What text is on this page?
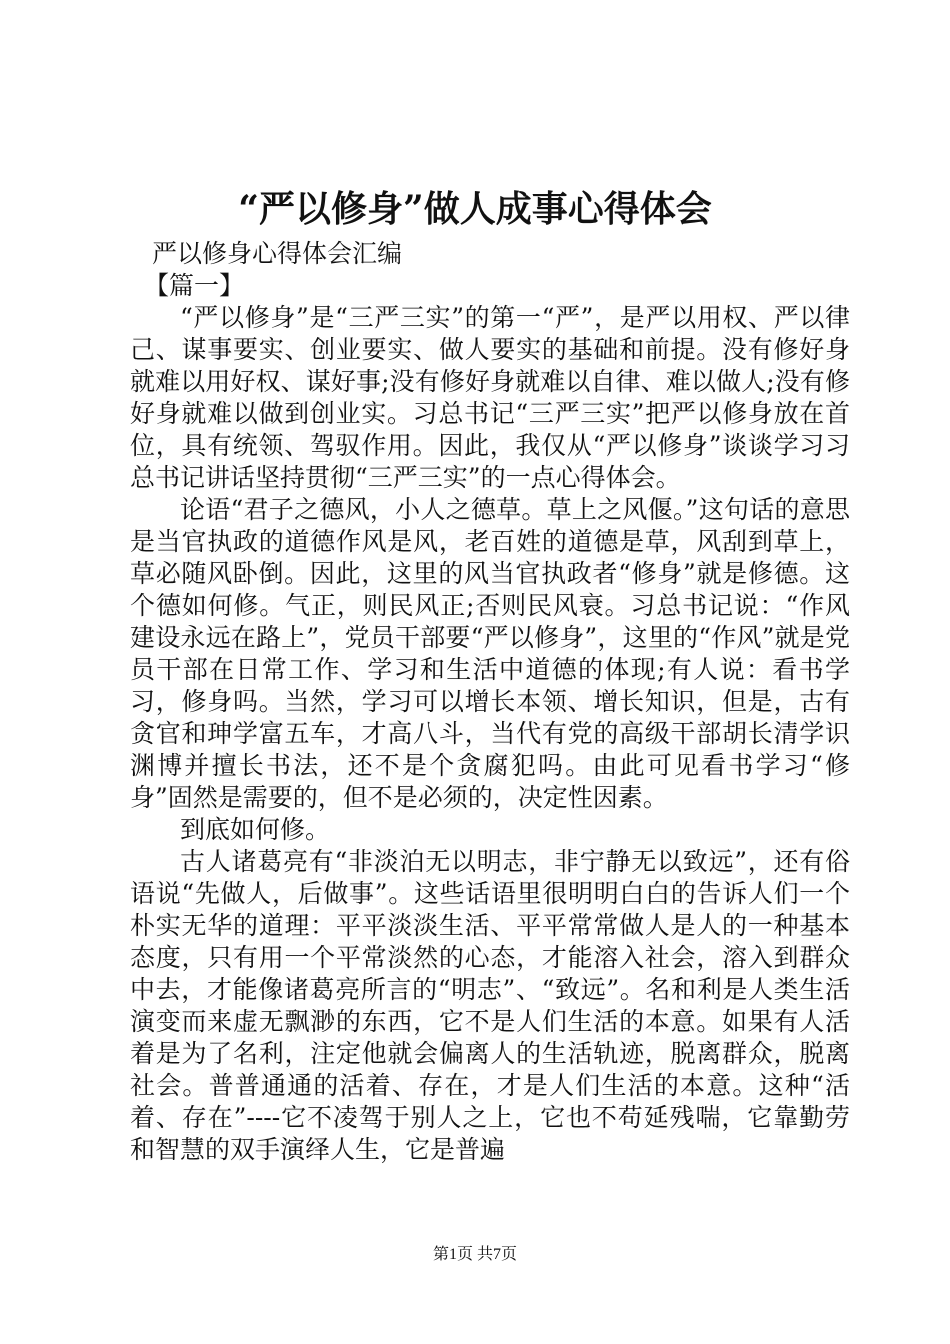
“严以修身”做人成事心得体会

严以修身心得体会汇编

【篇一】

“严以修身”是“三严三实”的第一“严”，是严以用权、严以律己、谋事要实、创业要实、做人要实的基础和前提。没有修好身就难以用好权、谋好事;没有修好身就难以自律、难以做人;没有修好身就难以做到创业实。习总书记“三严三实”把严以修身放在首位，具有统领、驾驭作用。因此，我仅从“严以修身”谈谈学习习总书记讲话坚持贯彻“三严三实”的一点心得体会。

论语“君子之德风，小人之德草。草上之风偃。”这句话的意思是当官执政的道德作风是风，老百姓的道德是草，风刮到草上，草必随风卧倒。因此，这里的风当官执政者“修身”就是修德。这个德如何修。气正，则民风正;否则民风衰。习总书记说：“作风建设永远在路上”，党员干部要“严以修身”，这里的“作风”就是党员干部在日常工作、学习和生活中道德的体现;有人说：看书学习，修身吗。当然，学习可以增长本领、增长知识，但是，古有贪官和珅学富五车，才高八斗，当代有党的高级干部胡长清学识渊博并擅长书法，还不是个贪腐犯吗。由此可见看书学习“修身”固然是需要的，但不是必须的，决定性因素。

到底如何修。

古人诸葛亮有“非淡泊无以明志，非宁静无以致远”，还有俗语说“先做人，后做事”。这些话语里很明明白白的告诉人们一个朴实无华的道理：平平淡淡生活、平平常常做人是人的一种基本态度，只有用一个平常淡然的心态，才能溶入社会，溶入到群众中去，才能像诸葛亮所言的“明志”、“致远”。名和利是人类生活演变而来虚无飘渺的东西，它不是人们生活的本意。如果有人活着是为了名利，注定他就会偏离人的生活轨迹，脱离群众，脱离社会。普普通通的活着、存在，才是人们生活的本意。这种“活着、存在”----它不凌驾于别人之上，它也不苟延残喘，它靠勤劳和智慧的双手演绎人生，它是普遍

第1页 共7页
